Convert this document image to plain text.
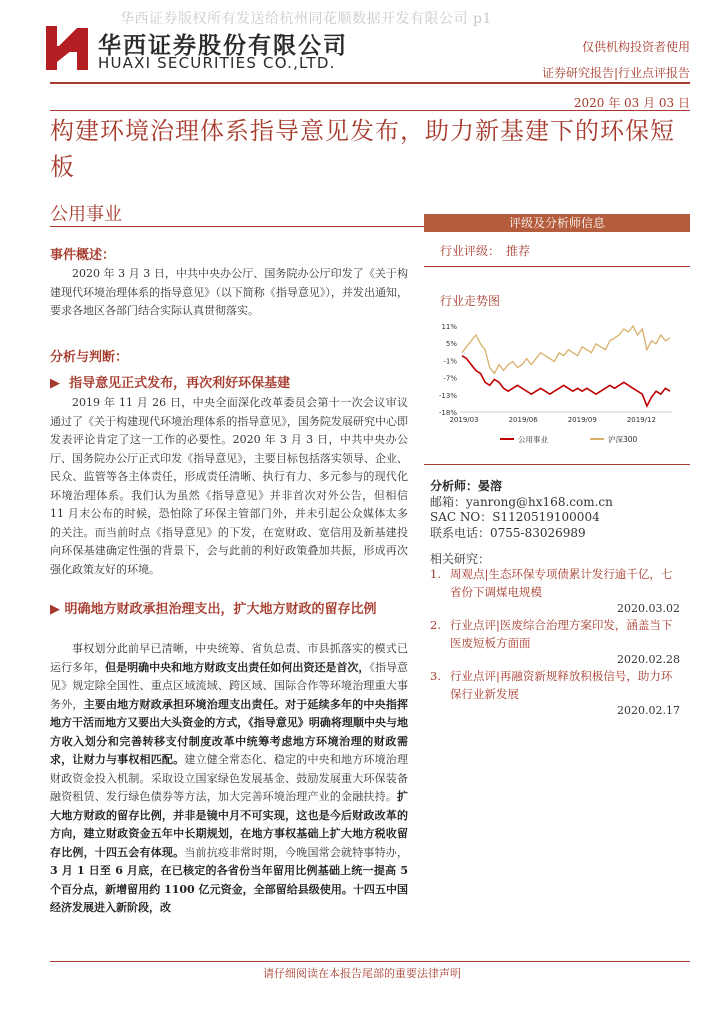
华西证券版权所有发送给杭州同花顺数据开发有限公司 p1
华西证券股份有限公司
HUAXI SECURITIES CO.,LTD.
仅供机构投资者使用
证券研究报告|行业点评报告
2020 年 03 月 03 日
构建环境治理体系指导意见发布，助力新基建下的环保短板
公用事业
事件概述：
2020 年 3 月 3 日，中共中央办公厅、国务院办公厅印发了《关于构建现代环境治理体系的指导意见》（以下简称《指导意见》），并发出通知，要求各地区各部门结合实际认真贯彻落实。
分析与判断：
▶ 指导意见正式发布，再次利好环保基建
2019 年 11 月 26 日，中央全面深化改革委员会第十一次会议审议通过了《关于构建现代环境治理体系的指导意见》，国务院发展研究中心即发表评论肯定了这一工作的必要性。2020 年 3 月 3 日，中共中央办公厅、国务院办公厅正式印发《指导意见》，主要目标包括落实领导、企业、民众、监管等各主体责任，形成责任清晰、执行有力、多元参与的现代化环境治理体系。我们认为虽然《指导意见》并非首次对外公告，但相信 11 月末公布的时候，恐怕除了环保主管部门外，并未引起公众媒体太多的关注。而当前时点《指导意见》的下发，在宽财政、宽信用及新基建投向环保基建确定性强的背景下，会与此前的利好政策叠加共振，形成再次强化政策友好的环境。
▶ 明确地方财政承担治理支出，扩大地方财政的留存比例
事权划分此前早已清晰，中央统筹、省负总责、市县抓落实的模式已运行多年，但是明确中央和地方财政支出责任如何出资还是首次，《指导意见》规定除全国性、重点区域流域、跨区域、国际合作等环境治理重大事务外，主要由地方财政承担环境治理支出责任。对于延续多年的中央指挥地方干活而地方又要出大头资金的方式，《指导意见》明确将理顺中央与地方收入划分和完善转移支付制度改革中统筹考虑地方环境治理的财政需求，让财力与事权相匹配。建立健全常态化、稳定的中央和地方环境治理财政资金投入机制。采取设立国家绿色发展基金、鼓励发展重大环保装备融资租赁、发行绿色债券等方法，加大完善环境治理产业的金融扶持。扩大地方财政的留存比例，并非是镜中月不可实现，这也是今后财政改革的方向，建立财政资金五年中长期规划，在地方事权基础上扩大地方税收留存比例，十四五会有体现。当前抗疫非常时期，今晚国常会就特事特办，3 月 1 日至 6 月底，在已核定的各省份当年留用比例基础上统一提高 5 个百分点，新增留用约 1100 亿元资金，全部留给县级使用。十四五中国经济发展进入新阶段，改
评级及分析师信息
行业评级： 推荐
行业走势图
11%
5%
-1%
-7%
-13%
-18%
2019/03	2019/06	2019/09	2019/12
公用事业	沪深300
分析师：晏溶
邮箱：yanrong@hx168.com.cn
SAC NO：S1120519100004
联系电话：0755-83026989
相关研究：
1. 周观点|生态环保专项债累计发行逾千亿，七省份下调煤电规模
2020.03.02
2. 行业点评|医废综合治理方案印发，涵盖当下医废短板方面面
2020.02.28
3. 行业点评|再融资新规释放积极信号，助力环保行业新发展
2020.02.17
请仔细阅读在本报告尾部的重要法律声明
